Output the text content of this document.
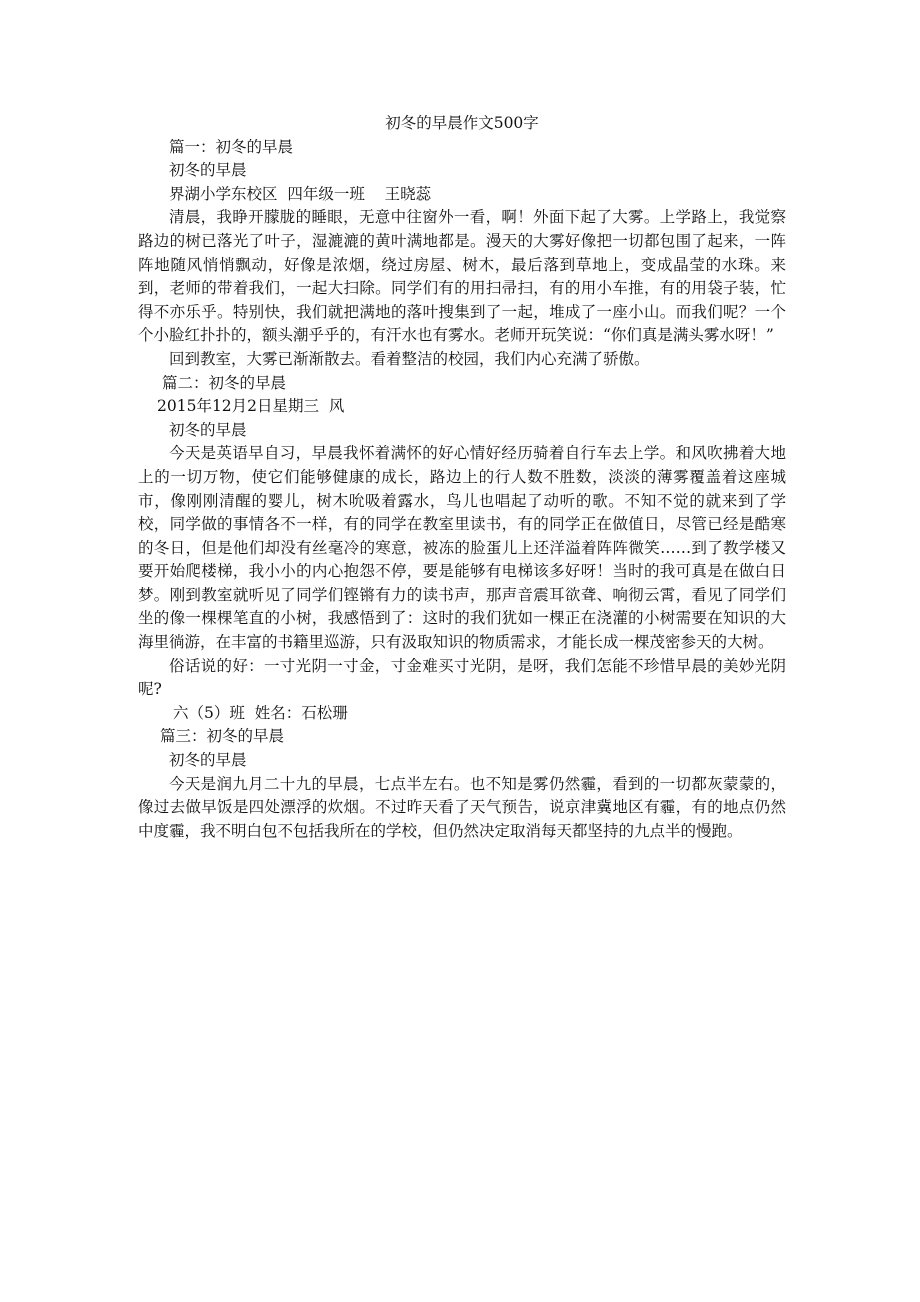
初冬的早晨作文500字

篇一：初冬的早晨

初冬的早晨

界湖小学东校区  四年级一班    王晓蕊

清晨，我睁开朦胧的睡眼，无意中往窗外一看，啊！外面下起了大雾。上学路上，我觉察路边的树已落光了叶子，湿漉漉的黄叶满地都是。漫天的大雾好像把一切都包围了起来，一阵阵地随风悄悄飘动，好像是浓烟，绕过房屋、树木，最后落到草地上，变成晶莹的水珠。来到，老师的带着我们，一起大扫除。同学们有的用扫帚扫，有的用小车推，有的用袋子装，忙得不亦乐乎。特别快，我们就把满地的落叶搜集到了一起，堆成了一座小山。而我们呢？一个个小脸红扑扑的，额头潮乎乎的，有汗水也有雾水。老师开玩笑说：“你们真是满头雾水呀！”

回到教室，大雾已渐渐散去。看着整洁的校园，我们内心充满了骄傲。

篇二：初冬的早晨

2015年12月2日星期三  风

初冬的早晨

今天是英语早自习，早晨我怀着满怀的好心情好经历骑着自行车去上学。和风吹拂着大地上的一切万物，使它们能够健康的成长，路边上的行人数不胜数，淡淡的薄雾覆盖着这座城市，像刚刚清醒的婴儿，树木吮吸着露水，鸟儿也唱起了动听的歌。不知不觉的就来到了学校，同学做的事情各不一样，有的同学在教室里读书，有的同学正在做值日，尽管已经是酷寒的冬日，但是他们却没有丝毫冷的寒意，被冻的脸蛋儿上还洋溢着阵阵微笑……到了教学楼又要开始爬楼梯，我小小的内心抱怨不停，要是能够有电梯该多好呀！当时的我可真是在做白日梦。刚到教室就听见了同学们铿锵有力的读书声，那声音震耳欲聋、响彻云霄，看见了同学们坐的像一棵棵笔直的小树，我感悟到了：这时的我们犹如一棵正在浇灌的小树需要在知识的大海里徜游，在丰富的书籍里巡游，只有汲取知识的物质需求，才能长成一棵茂密参天的大树。

俗话说的好：一寸光阴一寸金，寸金难买寸光阴，是呀，我们怎能不珍惜早晨的美妙光阴呢?

六（5）班  姓名：石松珊

篇三：初冬的早晨

初冬的早晨

今天是润九月二十九的早晨，七点半左右。也不知是雾仍然霾，看到的一切都灰蒙蒙的，像过去做早饭是四处漂浮的炊烟。不过昨天看了天气预告，说京津冀地区有霾，有的地点仍然中度霾，我不明白包不包括我所在的学校，但仍然决定取消每天都坚持的九点半的慢跑。
